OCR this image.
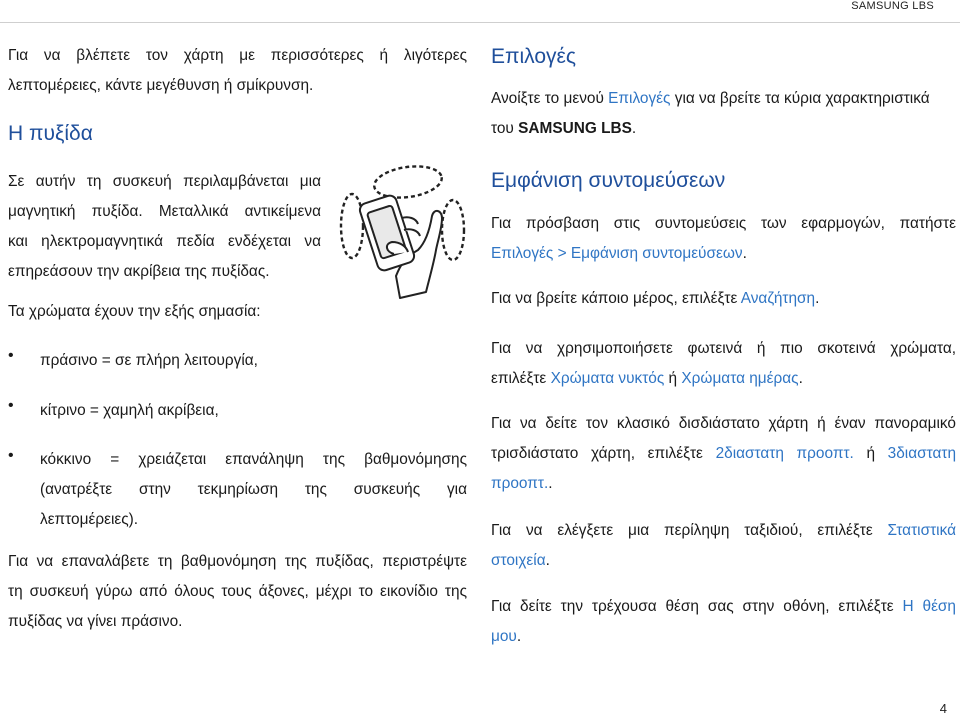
SAMSUNG LBS

Για να βλέπετε τον χάρτη με περισσότερες ή λιγότερες

λεπτομέρειες, κάντε μεγέθυνση ή σμίκρυνση.

Η πυξίδα

Σε αυτήν τη συσκευή περιλαμβάνεται μια

μαγνητική πυξίδα. Μεταλλικά αντικείμενα

και ηλεκτρομαγνητικά πεδία ενδέχεται να

επηρεάσουν την ακρίβεια της πυξίδας.

Τα χρώματα έχουν την εξής σημασία:

• πράσινο = σε πλήρη λειτουργία,

• κίτρινο = χαμηλή ακρίβεια,

• κόκκινο = χρειάζεται επανάληψη της βαθμονόμησης

(ανατρέξτε στην τεκμηρίωση της συσκευής για

λεπτομέρειες).

Για να επαναλάβετε τη βαθμονόμηση της πυξίδας, περιστρέψτε

τη συσκευή γύρω από όλους τους άξονες, μέχρι το εικονίδιο της

πυξίδας να γίνει πράσινο.

Επιλογές

Ανοίξτε το μενού Επιλογές για να βρείτε τα κύρια χαρακτηριστικά

του SAMSUNG LBS.

Εμφάνιση συντομεύσεων

Για πρόσβαση στις συντομεύσεις των εφαρμογών, πατήστε

Επιλογές > Εμφάνιση συντομεύσεων.

Για να βρείτε κάποιο μέρος, επιλέξτε Αναζήτηση.

Για να χρησιμοποιήσετε φωτεινά ή πιο σκοτεινά χρώματα,

επιλέξτε Χρώματα νυκτός ή Χρώματα ημέρας.

Για να δείτε τον κλασικό δισδιάστατο χάρτη ή έναν πανοραμικό

τρισδιάστατο χάρτη, επιλέξτε 2διαστατη προοπτ. ή 3διαστατη

προοπτ..

Για να ελέγξετε μια περίληψη ταξιδιού, επιλέξτε Στατιστικά

στοιχεία.

Για δείτε την τρέχουσα θέση σας στην οθόνη, επιλέξτε Η θέση

μου.

4
